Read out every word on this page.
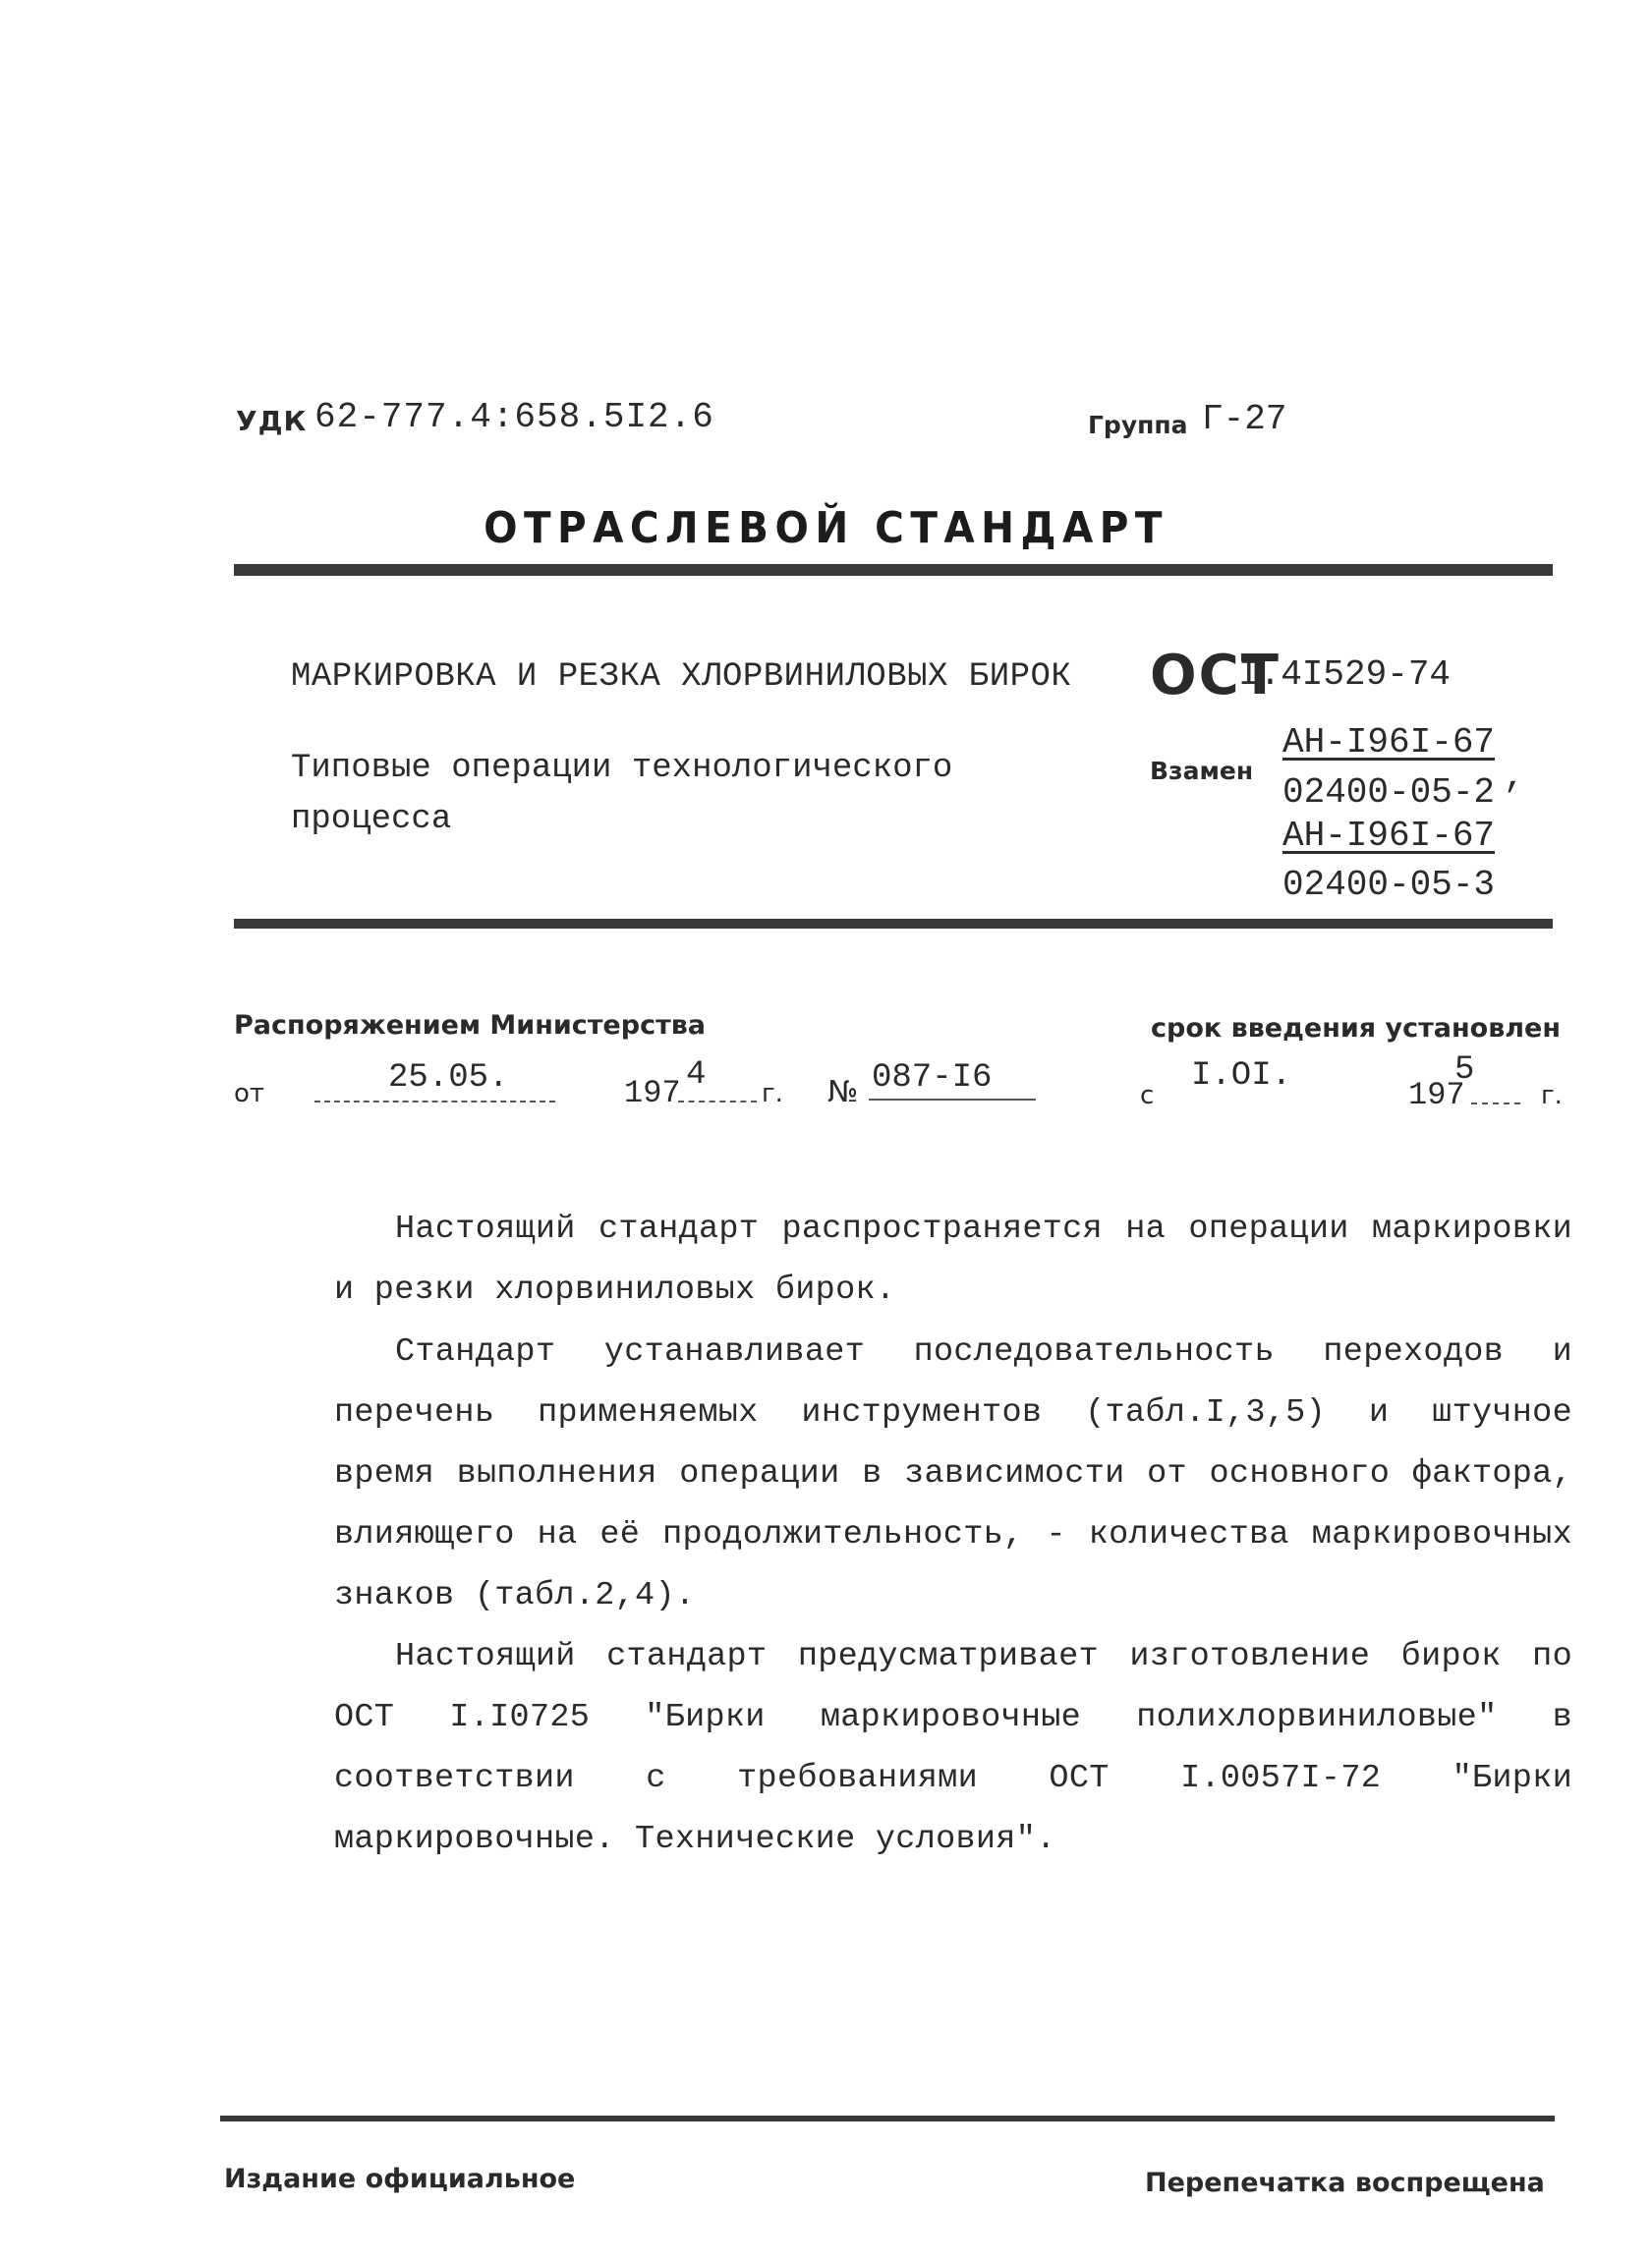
УДК 62-777.4:658.5I2.6	Группа Г-27
ОТРАСЛЕВОЙ СТАНДАРТ
МАРКИРОВКА И РЕЗКА ХЛОРВИНИЛОВЫХ БИРОК
Типовые операции технологического процесса
ОСТ
I.4I529-74
Взамен
АН-I96I-67
02400-05-2 ,
АН-I96I-67
02400-05-3
Распоряжением Министерства
от	25.05.	197 4 г. № 087-I6
срок введения установлен
с
I.OI.
197
5
г.

Настоящий стандарт распространяется на операции маркировки и резки хлорвиниловых бирок.

Стандарт устанавливает последовательность переходов и перечень применяемых инструментов (табл.I,3,5) и штучное время выполнения операции в зависимости от основного фактора, влияющего на её продолжительность, - количества маркировочных знаков (табл.2,4).

Настоящий стандарт предусматривает изготовление бирок по ОСТ I.I0725 "Бирки маркировочные полихлорвиниловые" в соответствии с требованиями ОСТ I.0057I-72 "Бирки маркировочные. Технические условия".

Издание официальное	Перепечатка воспрещена
